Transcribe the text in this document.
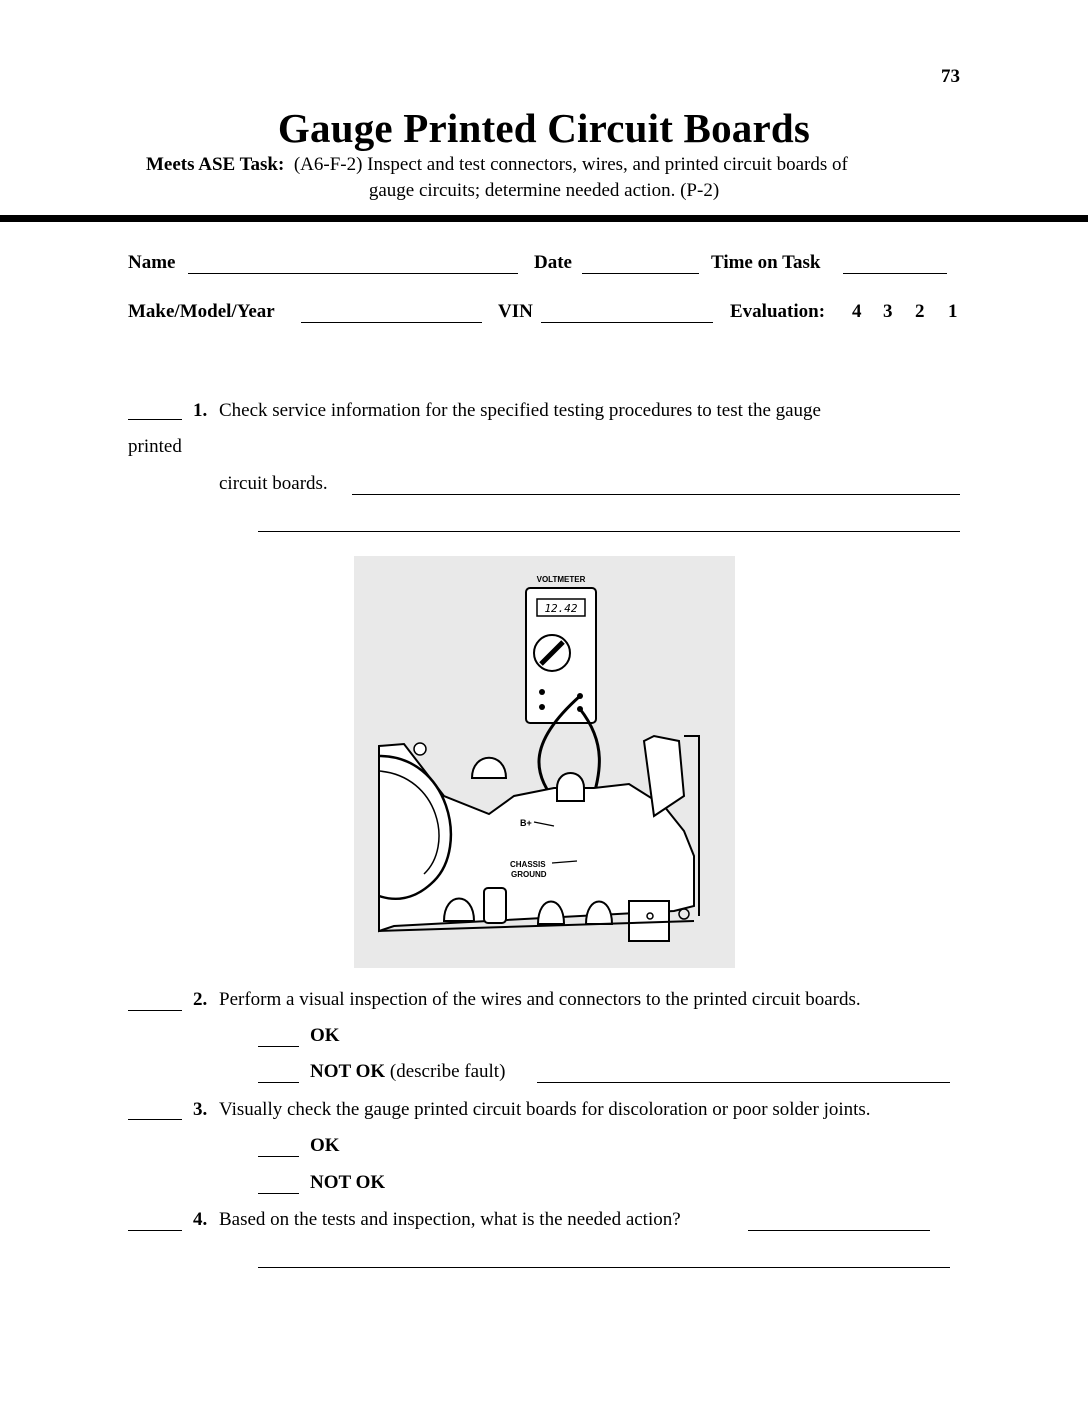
73
Gauge Printed Circuit Boards
Meets ASE Task: (A6-F-2) Inspect and test connectors, wires, and printed circuit boards of
gauge circuits; determine needed action. (P-2)
Name	Date	Time on Task
Make/Model/Year	VIN	Evaluation: 4 3 2 1
1. Check service information for the specified testing procedures to test the gauge
printed
circuit boards.
VOLTMETER
12.42
B+
CHASSIS
GROUND
2. Perform a visual inspection of the wires and connectors to the printed circuit boards.
OK
NOT OK (describe fault)
3. Visually check the gauge printed circuit boards for discoloration or poor solder joints.
OK
NOT OK
4. Based on the tests and inspection, what is the needed action?
